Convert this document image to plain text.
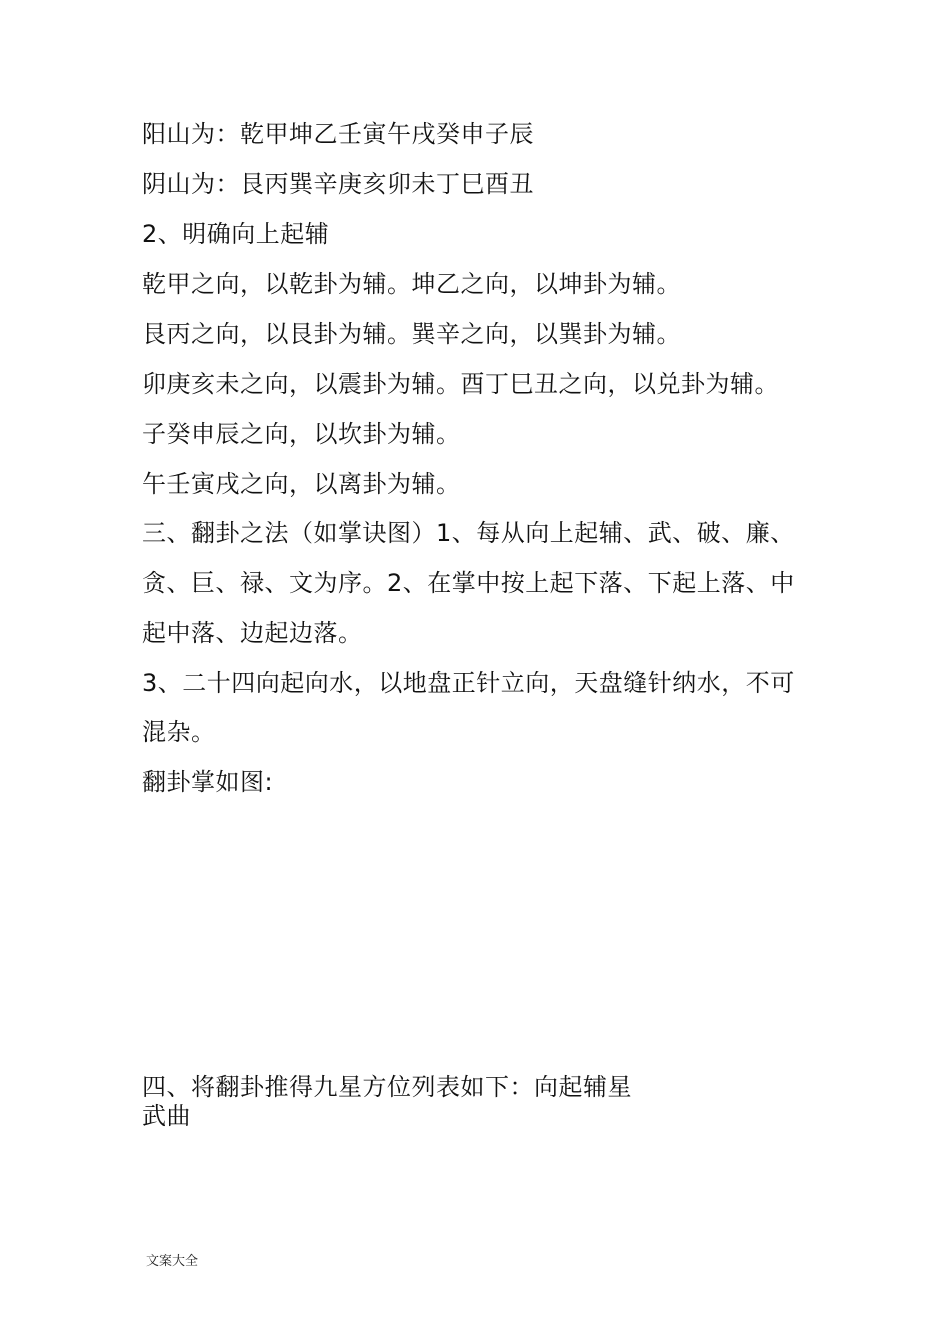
阳山为：乾甲坤乙壬寅午戌癸申子辰
阴山为：艮丙巽辛庚亥卯未丁巳酉丑
2、明确向上起辅
乾甲之向，以乾卦为辅。坤乙之向，以坤卦为辅。
艮丙之向，以艮卦为辅。巽辛之向，以巽卦为辅。
卯庚亥未之向，以震卦为辅。酉丁巳丑之向，以兑卦为辅。
子癸申辰之向，以坎卦为辅。
午壬寅戌之向，以离卦为辅。
三、翻卦之法（如掌诀图）1、每从向上起辅、武、破、廉、
贪、巨、禄、文为序。2、在掌中按上起下落、下起上落、中
起中落、边起边落。
3、二十四向起向水，以地盘正针立向，天盘缝针纳水，不可
混杂。
翻卦掌如图:
四、将翻卦推得九星方位列表如下：向起辅星
武曲
文案大全
